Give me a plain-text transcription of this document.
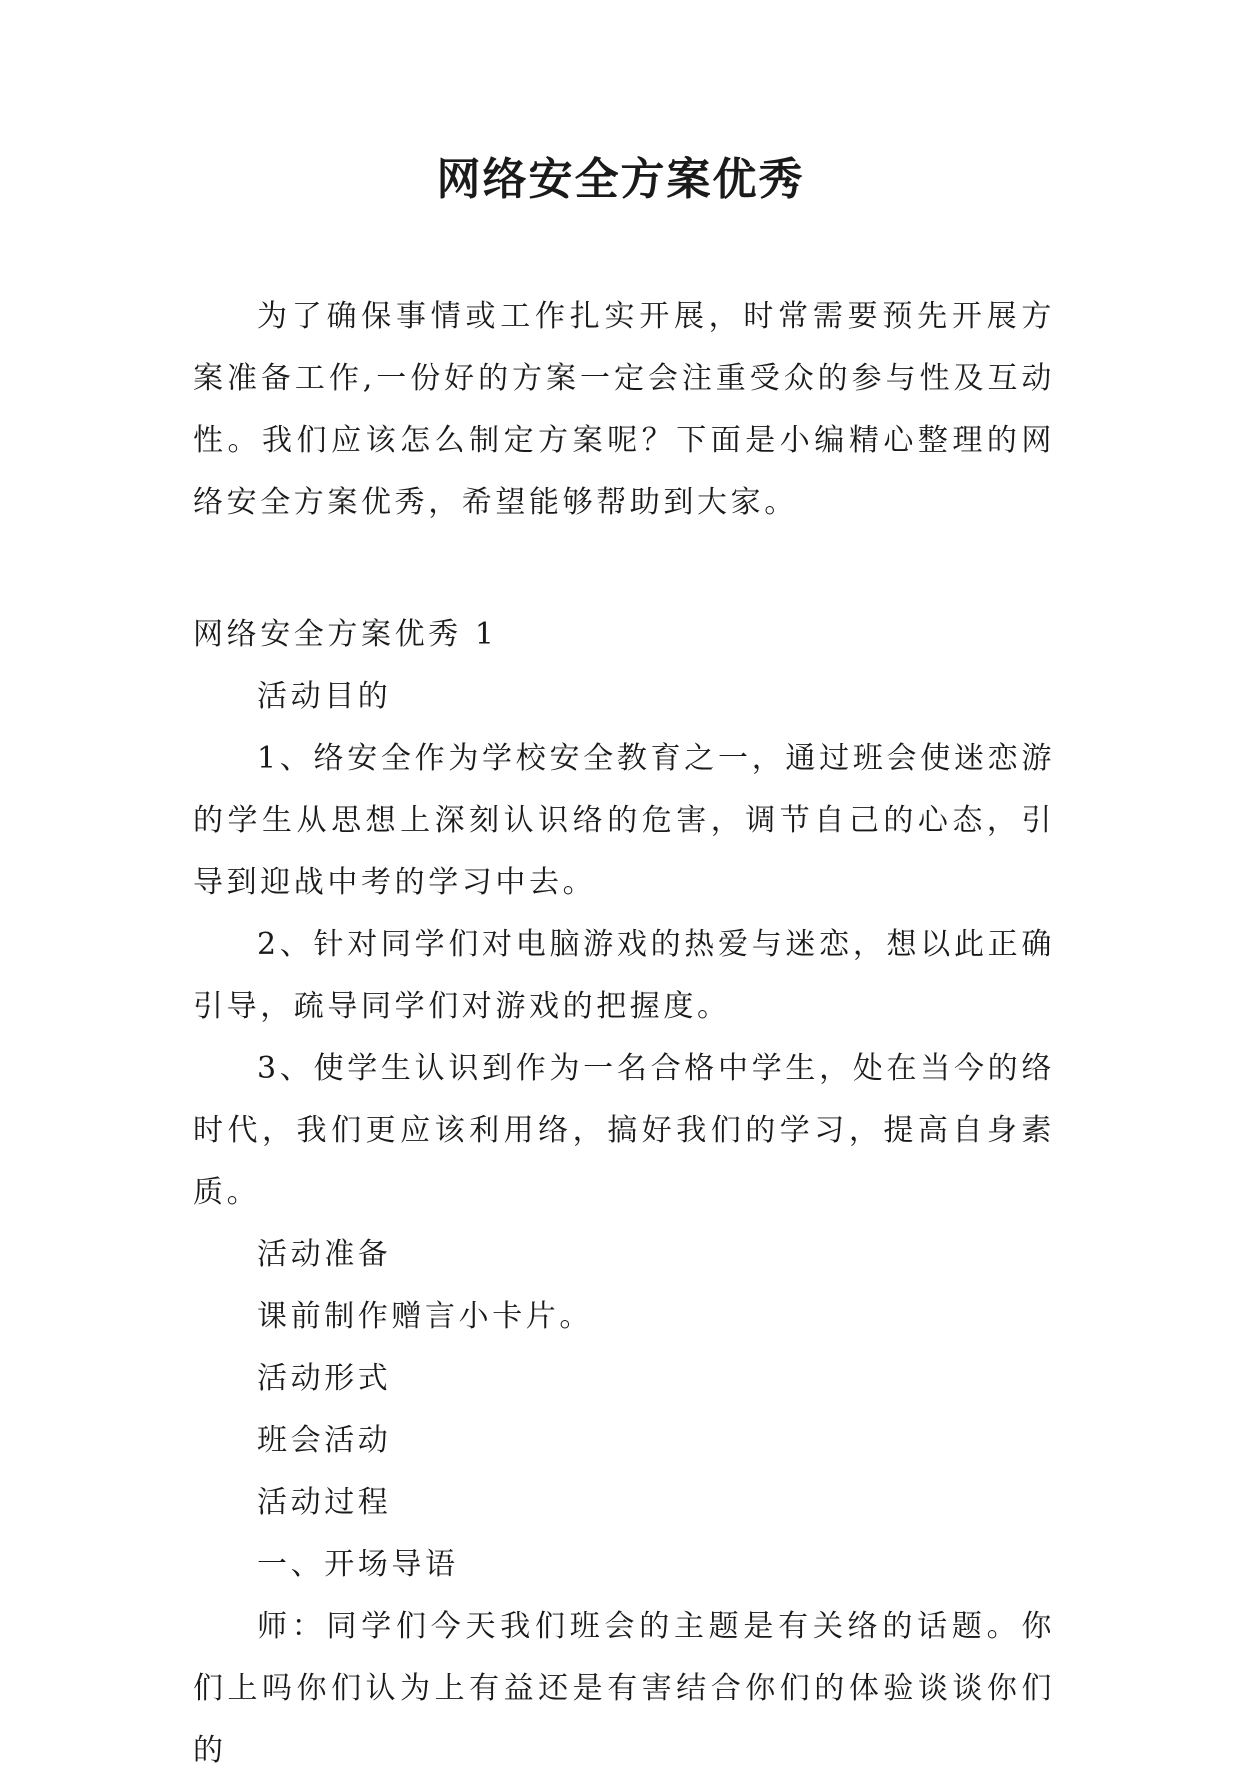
网络安全方案优秀

为了确保事情或工作扎实开展，时常需要预先开展方案准备工作,一份好的方案一定会注重受众的参与性及互动性。我们应该怎么制定方案呢？下面是小编精心整理的网络安全方案优秀，希望能够帮助到大家。

网络安全方案优秀 1

活动目的

1、络安全作为学校安全教育之一，通过班会使迷恋游的学生从思想上深刻认识络的危害，调节自己的心态，引导到迎战中考的学习中去。

2、针对同学们对电脑游戏的热爱与迷恋，想以此正确引导，疏导同学们对游戏的把握度。

3、使学生认识到作为一名合格中学生，处在当今的络时代，我们更应该利用络，搞好我们的学习，提高自身素质。

活动准备

课前制作赠言小卡片。

活动形式

班会活动

活动过程

一、开场导语

师：同学们今天我们班会的主题是有关络的话题。你们上吗你们认为上有益还是有害结合你们的体验谈谈你们的
